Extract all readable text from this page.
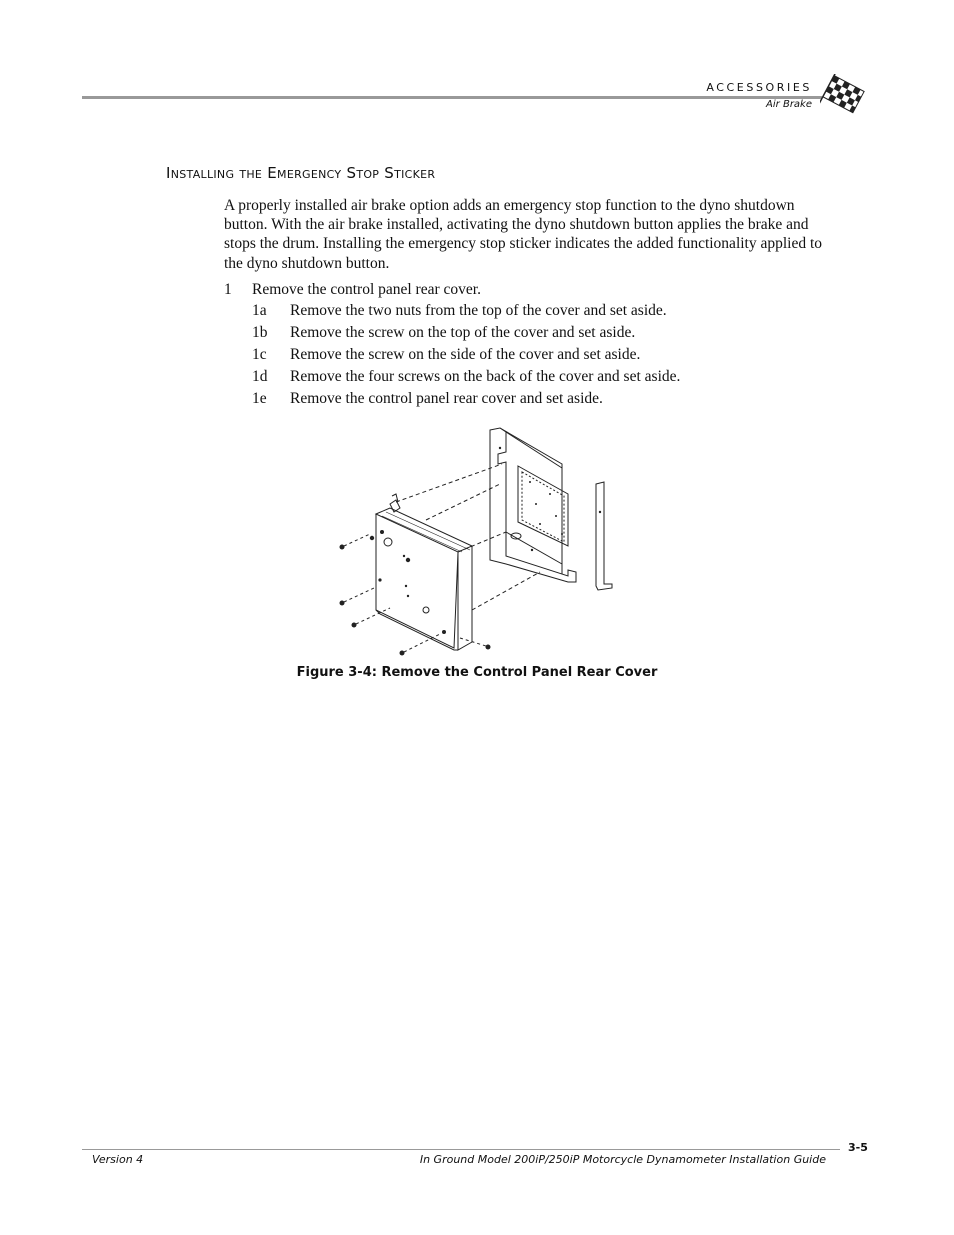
ACCESSORIES
Air Brake
Installing the Emergency Stop Sticker
A properly installed air brake option adds an emergency stop function to the dyno shutdown button. With the air brake installed, activating the dyno shutdown button applies the brake and stops the drum. Installing the emergency stop sticker indicates the added functionality applied to the dyno shutdown button.
1 Remove the control panel rear cover.
1a Remove the two nuts from the top of the cover and set aside.
1b Remove the screw on the top of the cover and set aside.
1c Remove the screw on the side of the cover and set aside.
1d Remove the four screws on the back of the cover and set aside.
1e Remove the control panel rear cover and set aside.
Figure 3-4: Remove the Control Panel Rear Cover
3-5
Version 4	In Ground Model 200iP/250iP Motorcycle Dynamometer Installation Guide
